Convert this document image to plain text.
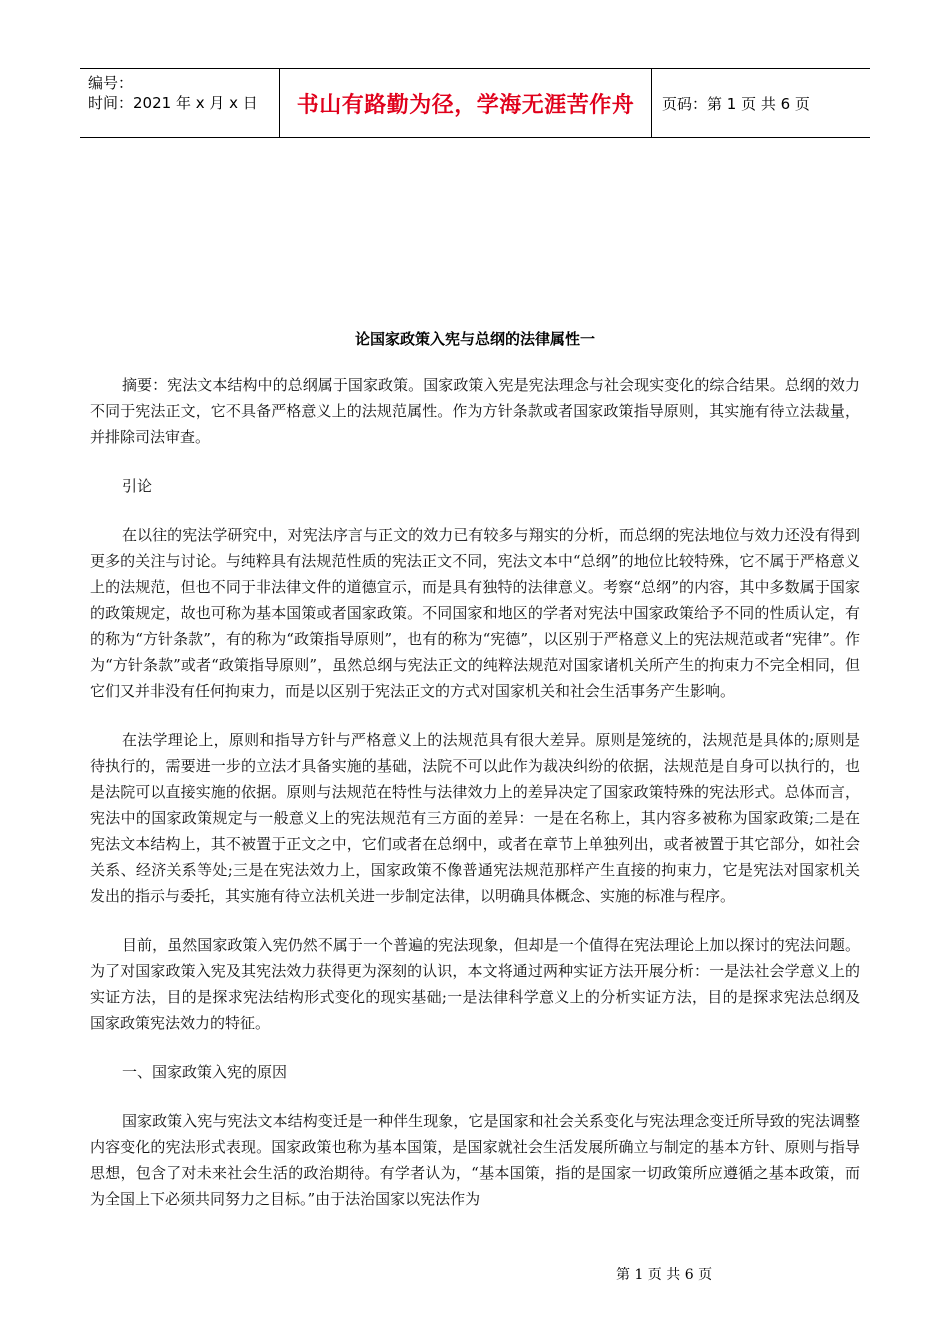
编号：
时间：2021 年 x 月 x 日	书山有路勤为径，学海无涯苦作舟	页码：第 1 页 共 6 页
论国家政策入宪与总纲的法律属性一

摘要：宪法文本结构中的总纲属于国家政策。国家政策入宪是宪法理念与社会现实变化的综合结果。总纲的效力不同于宪法正文，它不具备严格意义上的法规范属性。作为方针条款或者国家政策指导原则，其实施有待立法裁量，并排除司法审查。

引论

在以往的宪法学研究中，对宪法序言与正文的效力已有较多与翔实的分析，而总纲的宪法地位与效力还没有得到更多的关注与讨论。与纯粹具有法规范性质的宪法正文不同，宪法文本中“总纲”的地位比较特殊，它不属于严格意义上的法规范，但也不同于非法律文件的道德宣示，而是具有独特的法律意义。考察“总纲”的内容，其中多数属于国家的政策规定，故也可称为基本国策或者国家政策。不同国家和地区的学者对宪法中国家政策给予不同的性质认定，有的称为“方针条款”，有的称为“政策指导原则”，也有的称为“宪德”，以区别于严格意义上的宪法规范或者“宪律”。作为“方针条款”或者“政策指导原则”，虽然总纲与宪法正文的纯粹法规范对国家诸机关所产生的拘束力不完全相同，但它们又并非没有任何拘束力，而是以区别于宪法正文的方式对国家机关和社会生活事务产生影响。

在法学理论上，原则和指导方针与严格意义上的法规范具有很大差异。原则是笼统的，法规范是具体的;原则是待执行的，需要进一步的立法才具备实施的基础，法院不可以此作为裁决纠纷的依据，法规范是自身可以执行的，也是法院可以直接实施的依据。原则与法规范在特性与法律效力上的差异决定了国家政策特殊的宪法形式。总体而言，宪法中的国家政策规定与一般意义上的宪法规范有三方面的差异：一是在名称上，其内容多被称为国家政策;二是在宪法文本结构上，其不被置于正文之中，它们或者在总纲中，或者在章节上单独列出，或者被置于其它部分，如社会关系、经济关系等处;三是在宪法效力上，国家政策不像普通宪法规范那样产生直接的拘束力，它是宪法对国家机关发出的指示与委托，其实施有待立法机关进一步制定法律，以明确具体概念、实施的标准与程序。

目前，虽然国家政策入宪仍然不属于一个普遍的宪法现象，但却是一个值得在宪法理论上加以探讨的宪法问题。为了对国家政策入宪及其宪法效力获得更为深刻的认识，本文将通过两种实证方法开展分析：一是法社会学意义上的实证方法，目的是探求宪法结构形式变化的现实基础;一是法律科学意义上的分析实证方法，目的是探求宪法总纲及国家政策宪法效力的特征。

一、国家政策入宪的原因

国家政策入宪与宪法文本结构变迁是一种伴生现象，它是国家和社会关系变化与宪法理念变迁所导致的宪法调整内容变化的宪法形式表现。国家政策也称为基本国策，是国家就社会生活发展所确立与制定的基本方针、原则与指导思想，包含了对未来社会生活的政治期待。有学者认为，“基本国策，指的是国家一切政策所应遵循之基本政策，而为全国上下必须共同努力之目标。”由于法治国家以宪法作为

第 1 页 共 6 页
